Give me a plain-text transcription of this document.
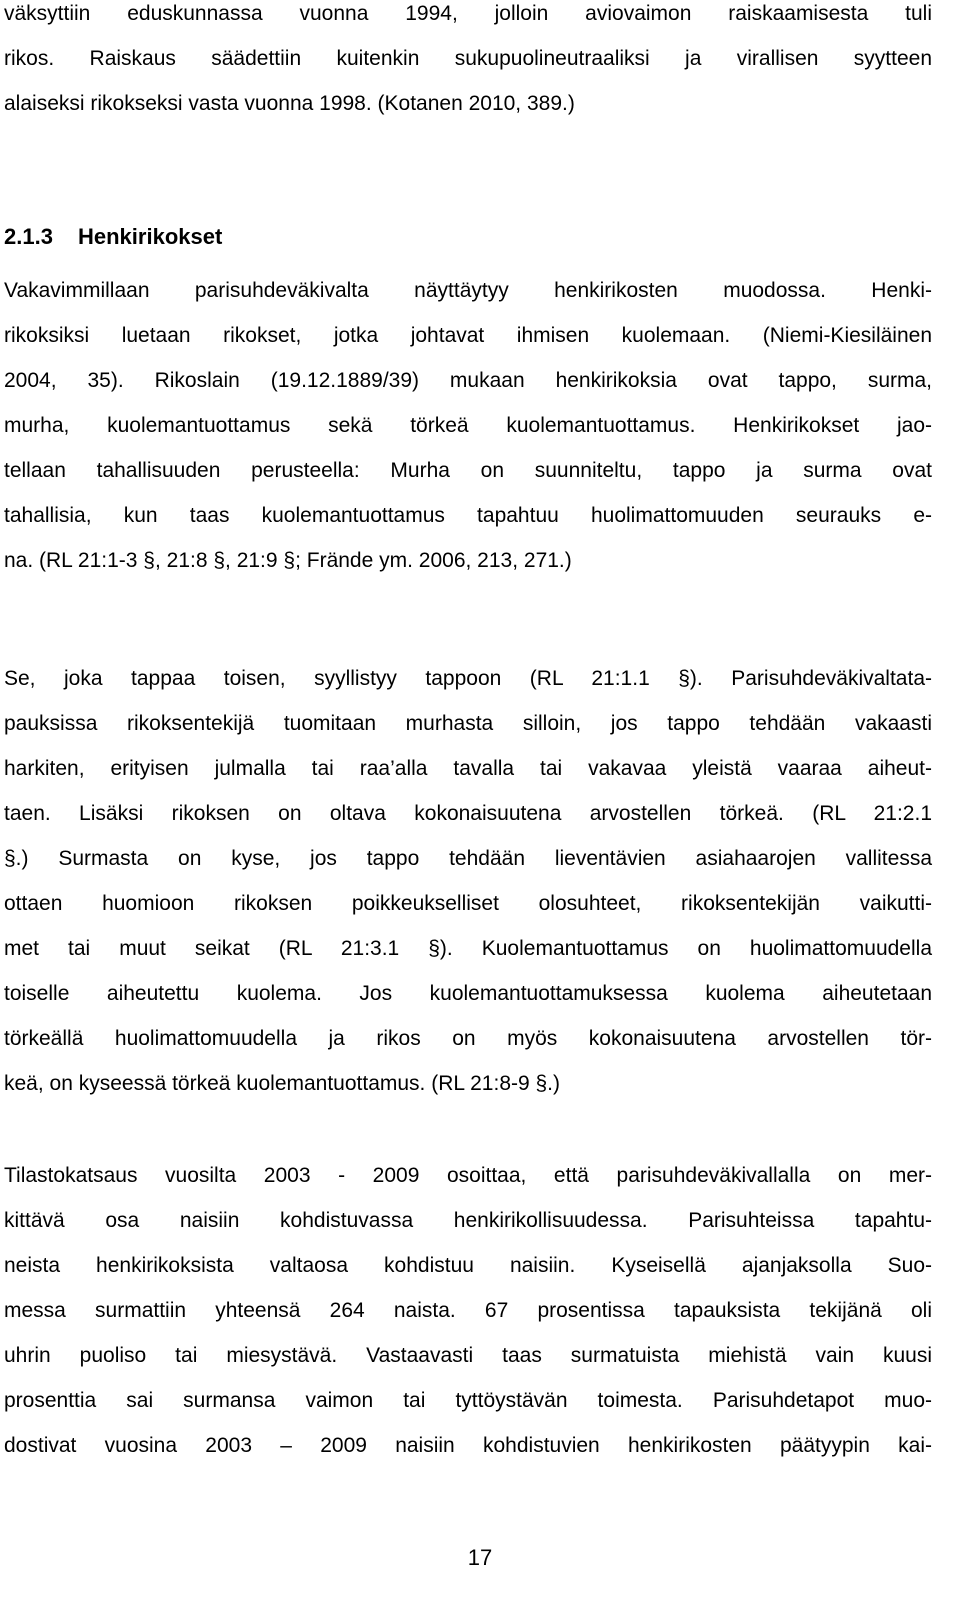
väksyttiin eduskunnassa vuonna 1994, jolloin aviovaimon raiskaamisesta tuli
rikos. Raiskaus säädettiin kuitenkin sukupuolineutraaliksi ja virallisen syytteen
alaiseksi rikokseksi vasta vuonna 1998. (Kotanen 2010, 389.)
2.1.3 Henkirikokset
Vakavimmillaan parisuhdeväkivalta näyttäytyy henkirikosten muodossa. Henki-
rikoksiksi luetaan rikokset, jotka johtavat ihmisen kuolemaan. (Niemi-Kiesiläinen
2004, 35). Rikoslain (19.12.1889/39) mukaan henkirikoksia ovat tappo, surma,
murha, kuolemantuottamus sekä törkeä kuolemantuottamus. Henkirikokset jao-
tellaan tahallisuuden perusteella: Murha on suunniteltu, tappo ja surma ovat
tahallisia, kun taas kuolemantuottamus tapahtuu huolimattomuuden seurauks e-
na. (RL 21:1-3 §, 21:8 §, 21:9 §; Frände ym. 2006, 213, 271.)
Se, joka tappaa toisen, syyllistyy tappoon (RL 21:1.1 §). Parisuhdeväkivaltata-
pauksissa rikoksentekijä tuomitaan murhasta silloin, jos tappo tehdään vakaasti
harkiten, erityisen julmalla tai raa’alla tavalla tai vakavaa yleistä vaaraa aiheut-
taen. Lisäksi rikoksen on oltava kokonaisuutena arvostellen törkeä. (RL 21:2.1
§.) Surmasta on kyse, jos tappo tehdään lieventävien asiahaarojen vallitessa
ottaen huomioon rikoksen poikkeukselliset olosuhteet, rikoksentekijän vaikutti-
met tai muut seikat (RL 21:3.1 §). Kuolemantuottamus on huolimattomuudella
toiselle aiheutettu kuolema. Jos kuolemantuottamuksessa kuolema aiheutetaan
törkeällä huolimattomuudella ja rikos on myös kokonaisuutena arvostellen tör-
keä, on kyseessä törkeä kuolemantuottamus. (RL 21:8-9 §.)
Tilastokatsaus vuosilta 2003 - 2009 osoittaa, että parisuhdeväkivallalla on mer-
kittävä osa naisiin kohdistuvassa henkirikollisuudessa. Parisuhteissa tapahtu-
neista henkirikoksista valtaosa kohdistuu naisiin. Kyseisellä ajanjaksolla Suo-
messa surmattiin yhteensä 264 naista. 67 prosentissa tapauksista tekijänä oli
uhrin puoliso tai miesystävä. Vastaavasti taas surmatuista miehistä vain kuusi
prosenttia sai surmansa vaimon tai tyttöystävän toimesta. Parisuhdetapot muo-
dostivat vuosina 2003 – 2009 naisiin kohdistuvien henkirikosten päätyypin kai-
17
